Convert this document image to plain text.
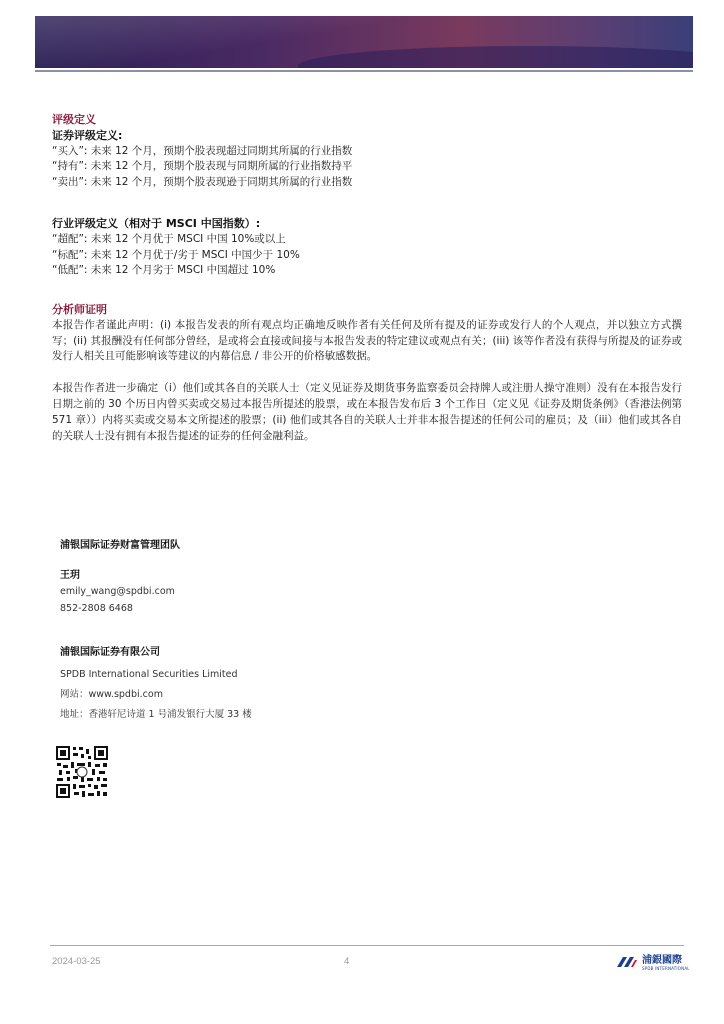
评级定义

证券评级定义:

“买入”: 未来 12 个月，预期个股表现超过同期其所属的行业指数

“持有”: 未来 12 个月，预期个股表现与同期所属的行业指数持平

“卖出”: 未来 12 个月，预期个股表现逊于同期其所属的行业指数

行业评级定义（相对于 MSCI 中国指数）:

“超配”: 未来 12 个月优于 MSCI 中国 10%或以上

“标配”: 未来 12 个月优于/劣于 MSCI 中国少于 10%

“低配”: 未来 12 个月劣于 MSCI 中国超过 10%

分析师证明

本报告作者谨此声明：(i) 本报告发表的所有观点均正确地反映作者有关任何及所有提及的证券或发行人的个人观点，并以独立方式撰写；(ii) 其报酬没有任何部分曾经，是或将会直接或间接与本报告发表的特定建议或观点有关；(iii) 该等作者没有获得与所提及的证券或发行人相关且可能影响该等建议的内幕信息 / 非公开的价格敏感数据。

本报告作者进一步确定（i）他们或其各自的关联人士（定义见证券及期货事务监察委员会持牌人或注册人操守准则）没有在本报告发行日期之前的 30 个历日内曾买卖或交易过本报告所提述的股票，或在本报告发布后 3 个工作日（定义见《证券及期货条例》（香港法例第 571 章））内将买卖或交易本文所提述的股票；(ii) 他们或其各自的关联人士并非本报告提述的任何公司的雇员；及（iii）他们或其各自的关联人士没有拥有本报告提述的证券的任何金融利益。

浦银国际证券财富管理团队
王玥
emily_wang@spdbi.com
852-2808 6468
浦银国际证券有限公司
SPDB International Securities Limited
网站：www.spdbi.com
地址：香港轩尼诗道 1 号浦发银行大厦 33 楼
2024-03-25	4	浦銀國際
SPDB INTERNATIONAL
